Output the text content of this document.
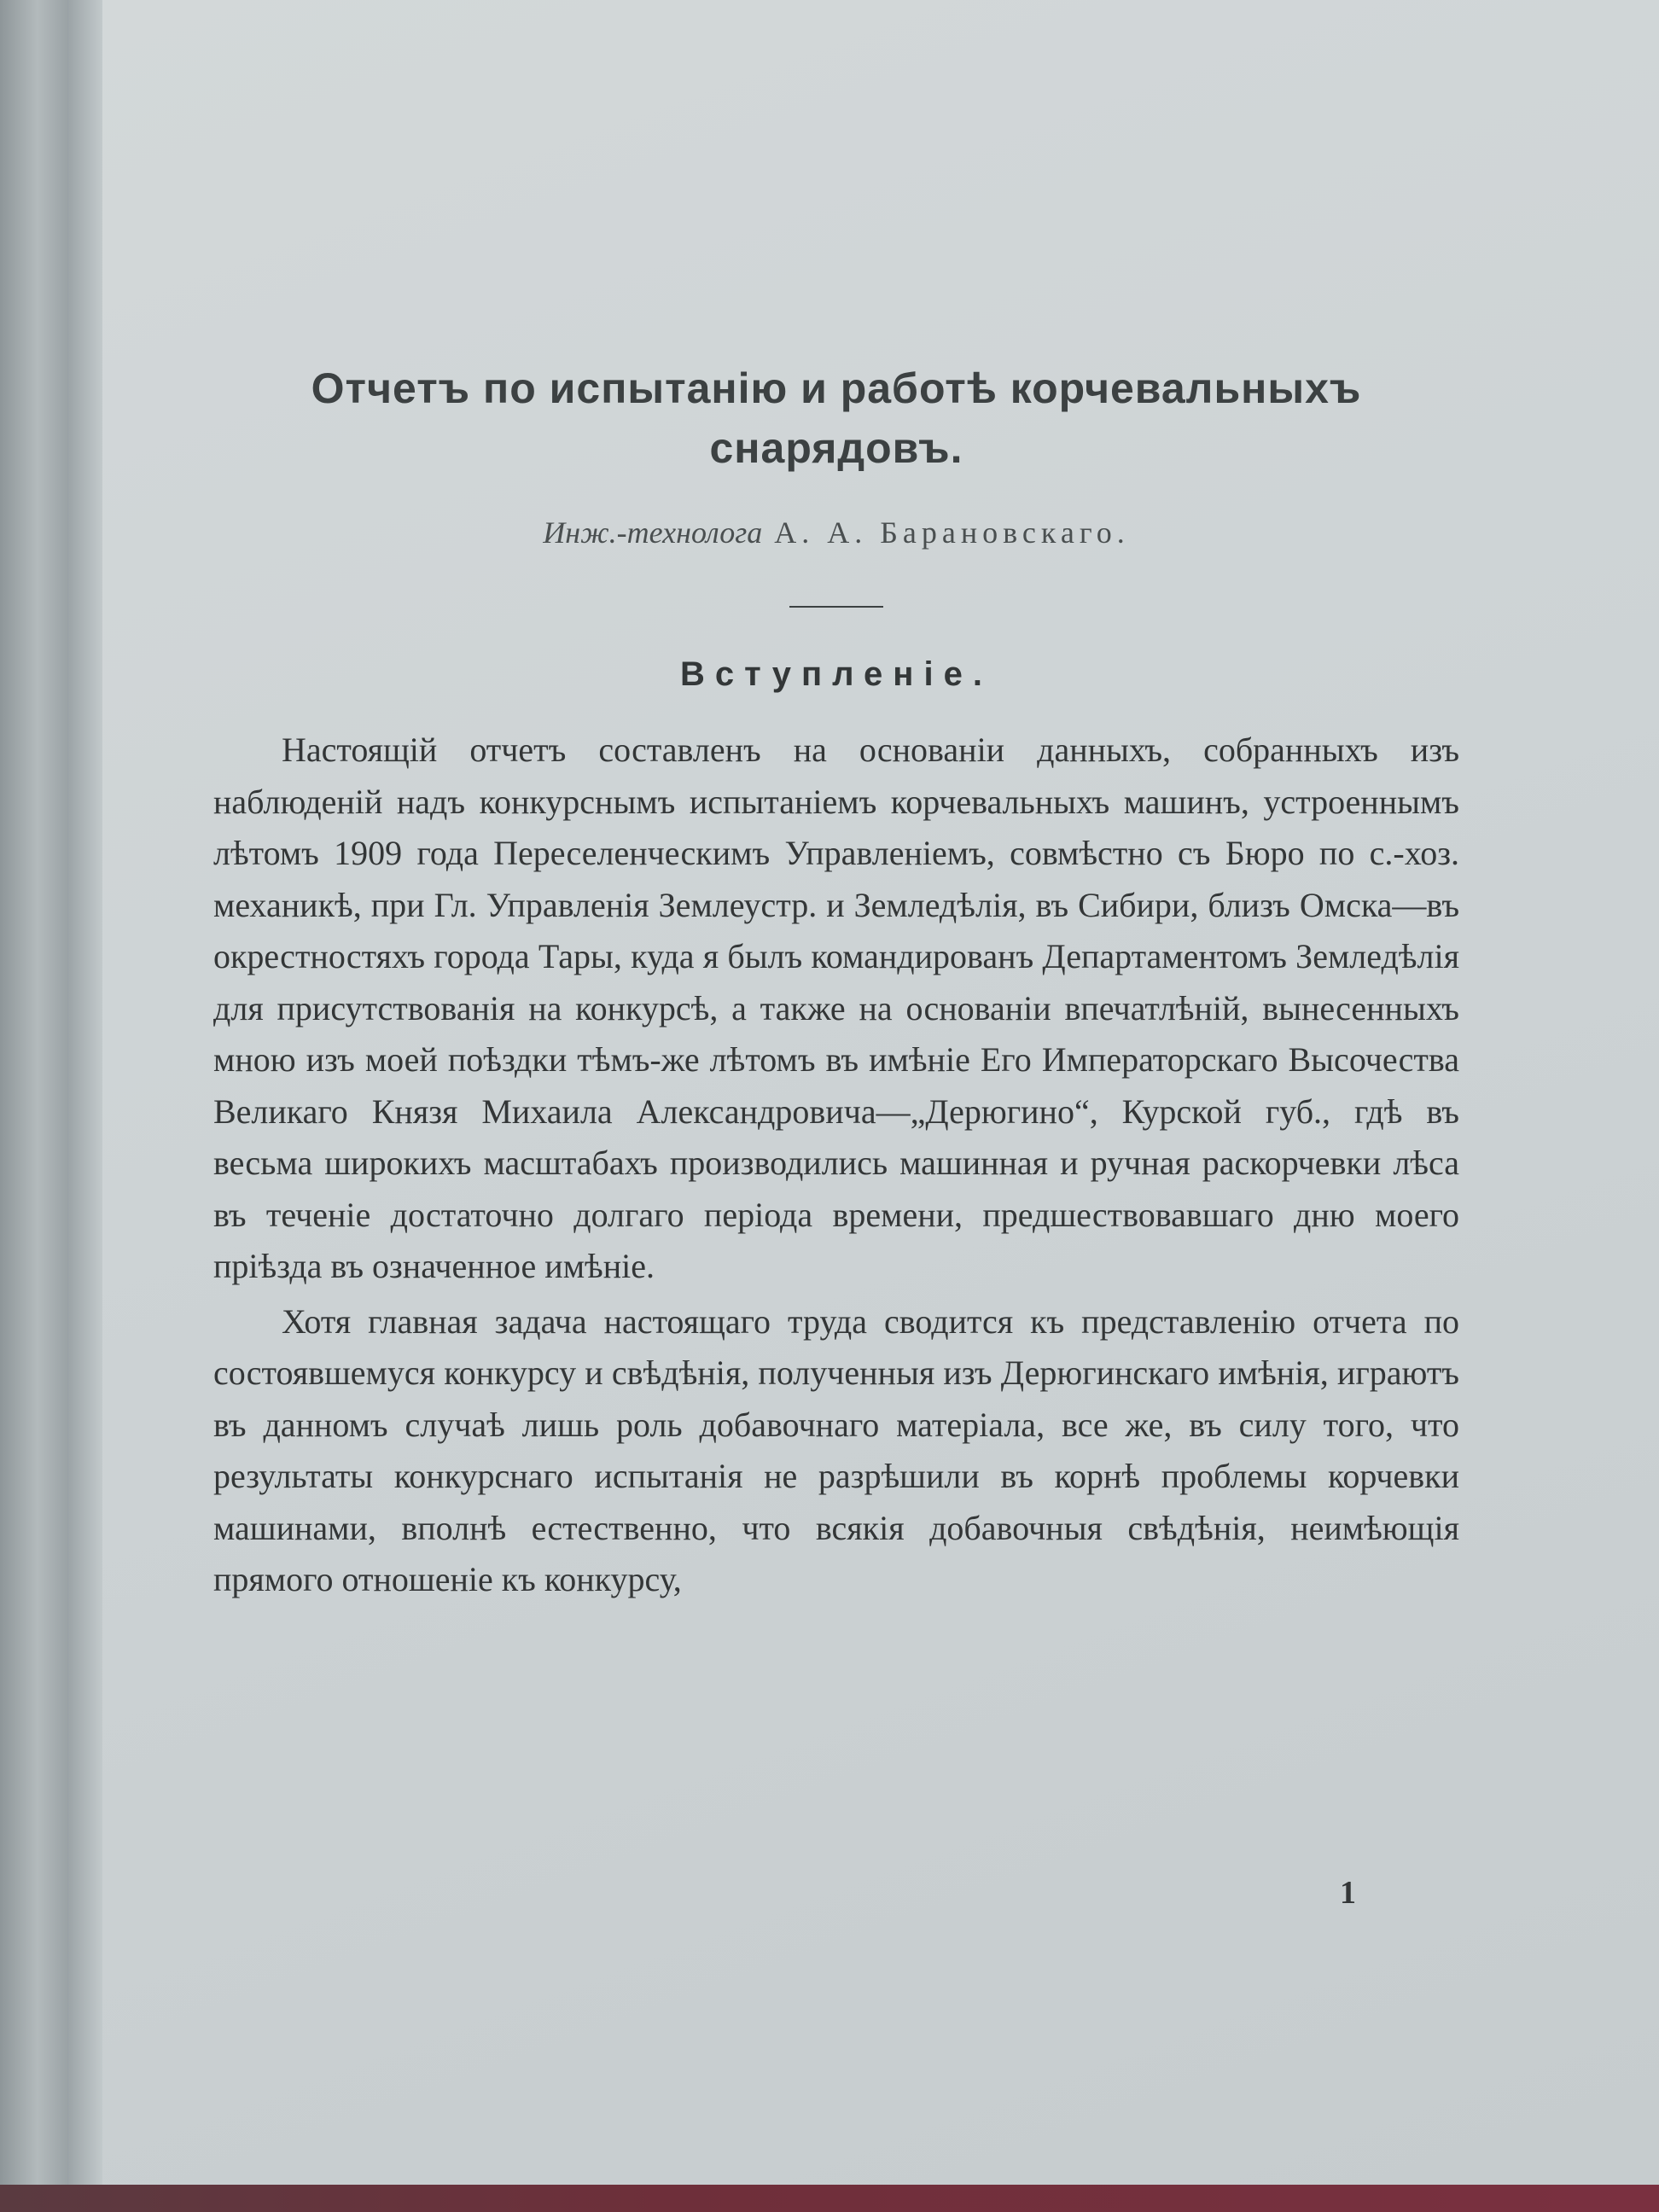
Отчетъ по испытанію и работѣ корчевальныхъ
снарядовъ.

Инж.-технолога А. А. Барановскаго.

Вступленіе.

Настоящій отчетъ составленъ на основаніи данныхъ, собранныхъ изъ наблюденій надъ конкурснымъ испытаніемъ корчевальныхъ машинъ, устроеннымъ лѣтомъ 1909 года Переселенческимъ Управленіемъ, совмѣстно съ Бюро по с.-хоз. механикѣ, при Гл. Управленія Землеустр. и Земледѣлія, въ Сибири, близъ Омска—въ окрестностяхъ города Тары, куда я былъ командированъ Департаментомъ Земледѣлія для присутствованія на конкурсѣ, а также на основаніи впечатлѣній, вынесенныхъ мною изъ моей поѣздки тѣмъ-же лѣтомъ въ имѣніе Его Императорскаго Высочества Великаго Князя Михаила Александровича—„Дерюгино“, Курской губ., гдѣ въ весьма широкихъ масштабахъ производились машинная и ручная раскорчевки лѣса въ теченіе достаточно долгаго періода времени, предшествовавшаго дню моего пріѣзда въ означенное имѣніе.

Хотя главная задача настоящаго труда сводится къ представленію отчета по состоявшемуся конкурсу и свѣдѣнія, полученныя изъ Дерюгинскаго имѣнія, играютъ въ данномъ случаѣ лишь роль добавочнаго матеріала, все же, въ силу того, что результаты конкурснаго испытанія не разрѣшили въ корнѣ проблемы корчевки машинами, вполнѣ естественно, что всякія добавочныя свѣдѣнія, неимѣющія прямого отношеніе къ конкурсу,

1
